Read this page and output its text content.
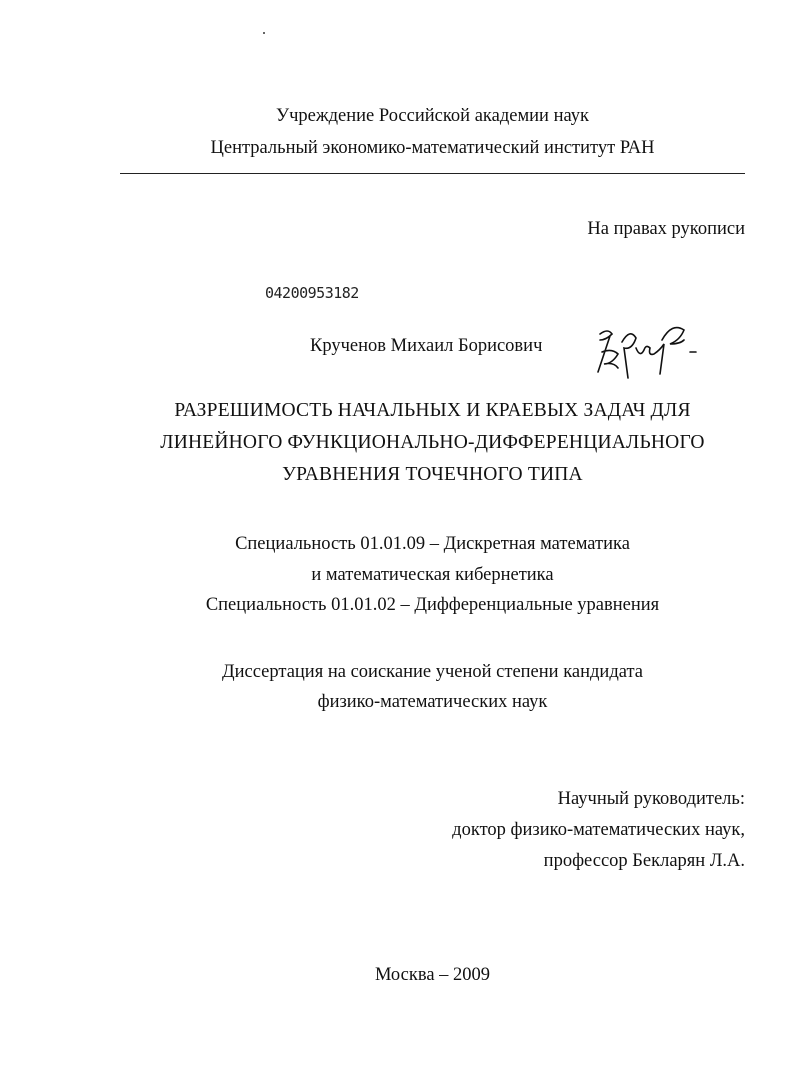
Учреждение Российской академии наук
Центральный экономико-математический институт РАН
На правах рукописи
04200953182
Крученов Михаил Борисович
РАЗРЕШИМОСТЬ НАЧАЛЬНЫХ И КРАЕВЫХ ЗАДАЧ ДЛЯ
ЛИНЕЙНОГО ФУНКЦИОНАЛЬНО-ДИФФЕРЕНЦИАЛЬНОГО
УРАВНЕНИЯ ТОЧЕЧНОГО ТИПА
Специальность 01.01.09 – Дискретная математика
и математическая кибернетика
Специальность 01.01.02 – Дифференциальные уравнения
Диссертация на соискание ученой степени кандидата
физико-математических наук
Научный руководитель:
доктор физико-математических наук,
профессор Бекларян Л.А.
Москва – 2009
